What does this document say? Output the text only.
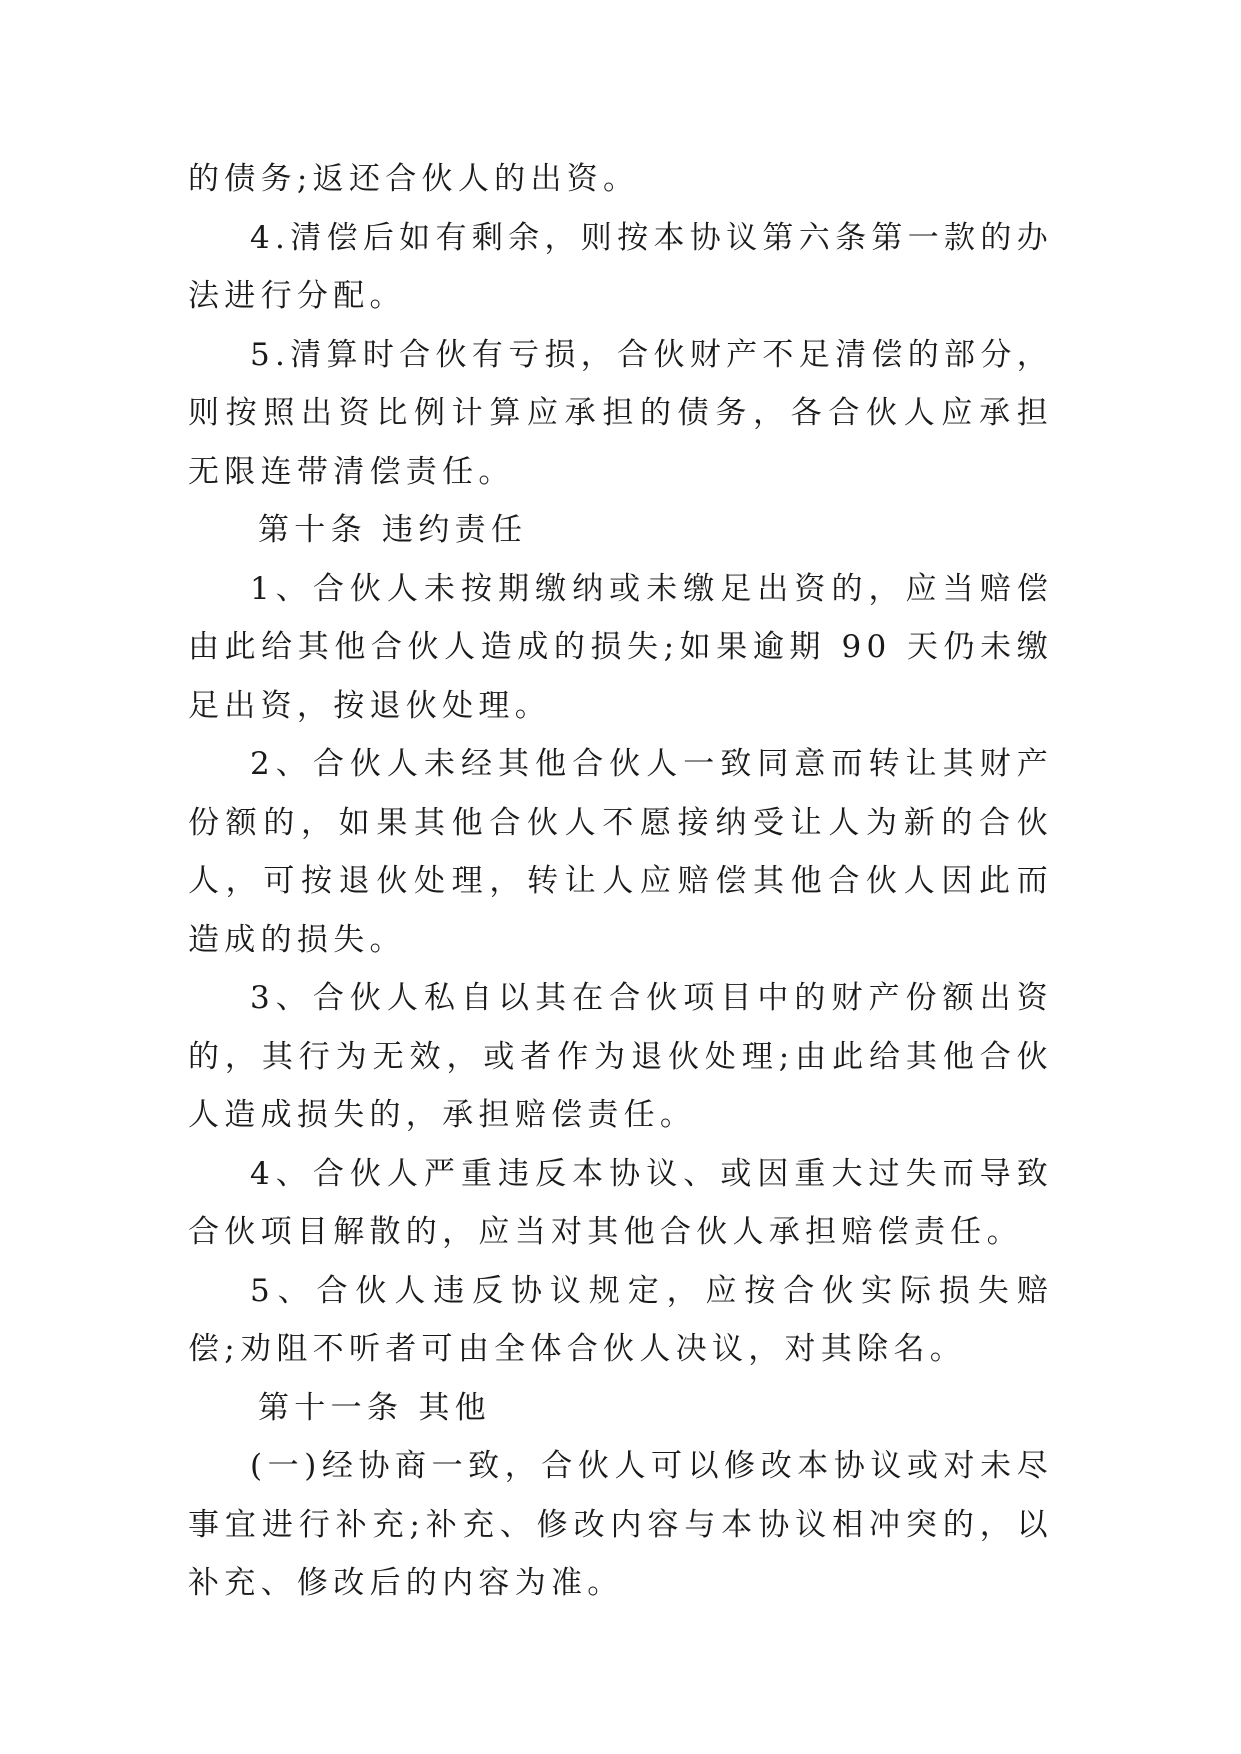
的债务;返还合伙人的出资。

4.清偿后如有剩余，则按本协议第六条第一款的办法进行分配。

5.清算时合伙有亏损，合伙财产不足清偿的部分，则按照出资比例计算应承担的债务，各合伙人应承担无限连带清偿责任。

第十条 违约责任

1、合伙人未按期缴纳或未缴足出资的，应当赔偿由此给其他合伙人造成的损失;如果逾期 90 天仍未缴足出资，按退伙处理。

2、合伙人未经其他合伙人一致同意而转让其财产份额的，如果其他合伙人不愿接纳受让人为新的合伙人，可按退伙处理，转让人应赔偿其他合伙人因此而造成的损失。

3、合伙人私自以其在合伙项目中的财产份额出资的，其行为无效，或者作为退伙处理;由此给其他合伙人造成损失的，承担赔偿责任。

4、合伙人严重违反本协议、或因重大过失而导致合伙项目解散的，应当对其他合伙人承担赔偿责任。

5、合伙人违反协议规定，应按合伙实际损失赔偿;劝阻不听者可由全体合伙人决议，对其除名。

第十一条 其他

(一)经协商一致，合伙人可以修改本协议或对未尽事宜进行补充;补充、修改内容与本协议相冲突的，以补充、修改后的内容为准。
